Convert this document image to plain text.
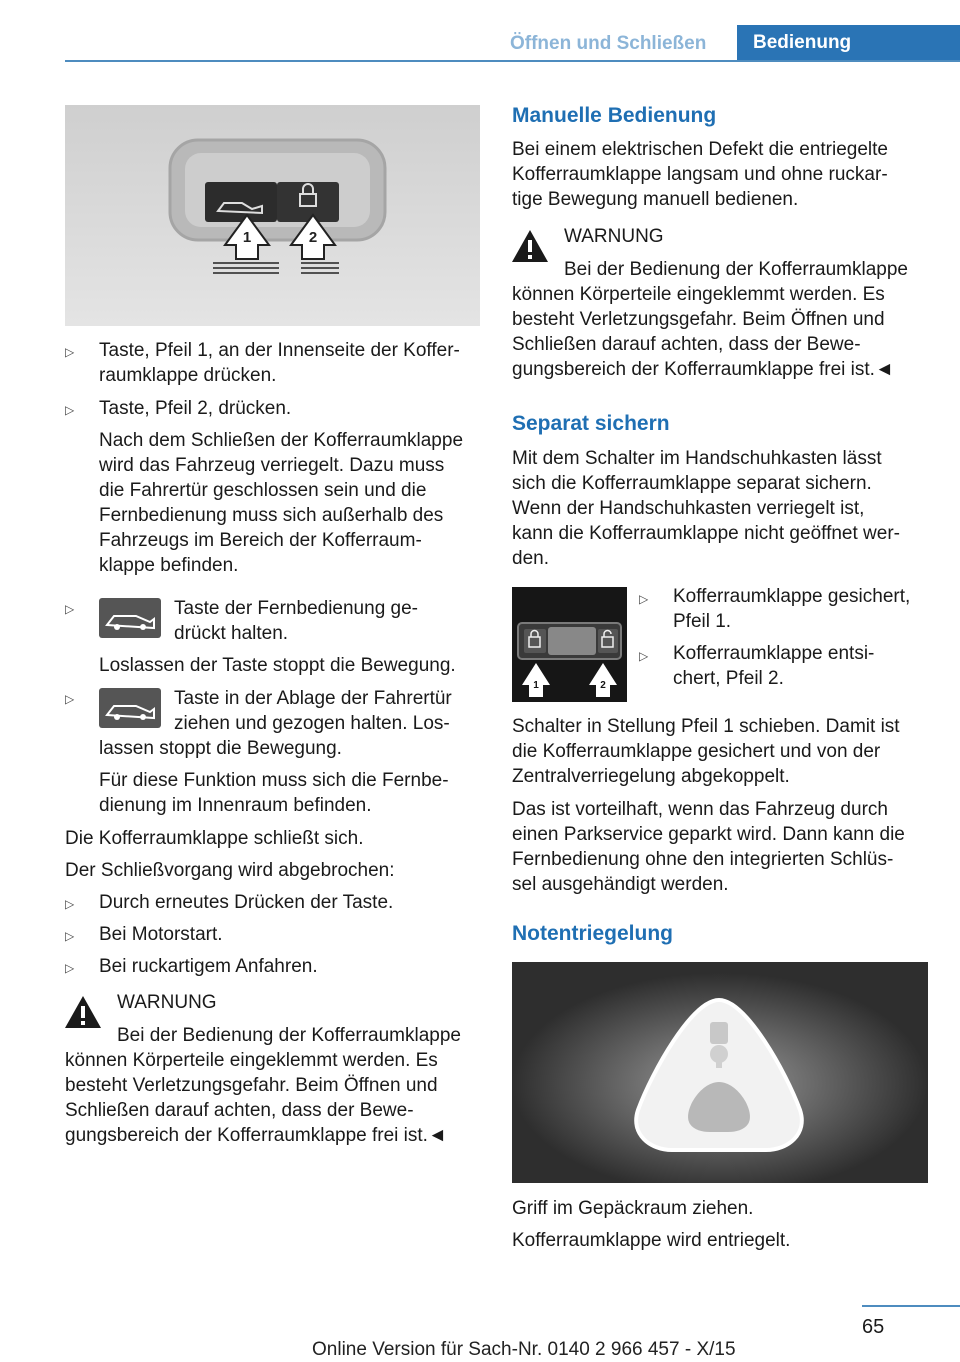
Öffnen und Schließen	Bedienung
1	2
▷ Taste, Pfeil 1, an der Innenseite der Koffer-
raumklappe drücken.
▷ Taste, Pfeil 2, drücken.
Nach dem Schließen der Kofferraumklappe
wird das Fahrzeug verriegelt. Dazu muss
die Fahrertür geschlossen sein und die
Fernbedienung muss sich außerhalb des
Fahrzeugs im Bereich der Kofferraum-
klappe befinden.
▷	Taste der Fernbedienung ge-
drückt halten.
Loslassen der Taste stoppt die Bewegung.
▷	Taste in der Ablage der Fahrertür
ziehen und gezogen halten. Los-
lassen stoppt die Bewegung.
Für diese Funktion muss sich die Fernbe-
dienung im Innenraum befinden.
Die Kofferraumklappe schließt sich.
Der Schließvorgang wird abgebrochen:
▷ Durch erneutes Drücken der Taste.
▷ Bei Motorstart.
▷ Bei ruckartigem Anfahren.
WARNUNG
Bei der Bedienung der Kofferraumklappe
können Körperteile eingeklemmt werden. Es
besteht Verletzungsgefahr. Beim Öffnen und
Schließen darauf achten, dass der Bewe-
gungsbereich der Kofferraumklappe frei ist.◄
Manuelle Bedienung
Bei einem elektrischen Defekt die entriegelte
Kofferraumklappe langsam und ohne ruckar-
tige Bewegung manuell bedienen.
WARNUNG
Bei der Bedienung der Kofferraumklappe
können Körperteile eingeklemmt werden. Es
besteht Verletzungsgefahr. Beim Öffnen und
Schließen darauf achten, dass der Bewe-
gungsbereich der Kofferraumklappe frei ist.◄
Separat sichern
Mit dem Schalter im Handschuhkasten lässt
sich die Kofferraumklappe separat sichern.
Wenn der Handschuhkasten verriegelt ist,
kann die Kofferraumklappe nicht geöffnet wer-
den.
1	2
▷ Kofferraumklappe gesichert,
Pfeil 1.
▷ Kofferraumklappe entsi-
chert, Pfeil 2.
Schalter in Stellung Pfeil 1 schieben. Damit ist
die Kofferraumklappe gesichert und von der
Zentralverriegelung abgekoppelt.
Das ist vorteilhaft, wenn das Fahrzeug durch
einen Parkservice geparkt wird. Dann kann die
Fernbedienung ohne den integrierten Schlüs-
sel ausgehändigt werden.
Notentriegelung
Griff im Gepäckraum ziehen.
Kofferraumklappe wird entriegelt.
65
Online Version für Sach-Nr. 0140 2 966 457 - X/15
